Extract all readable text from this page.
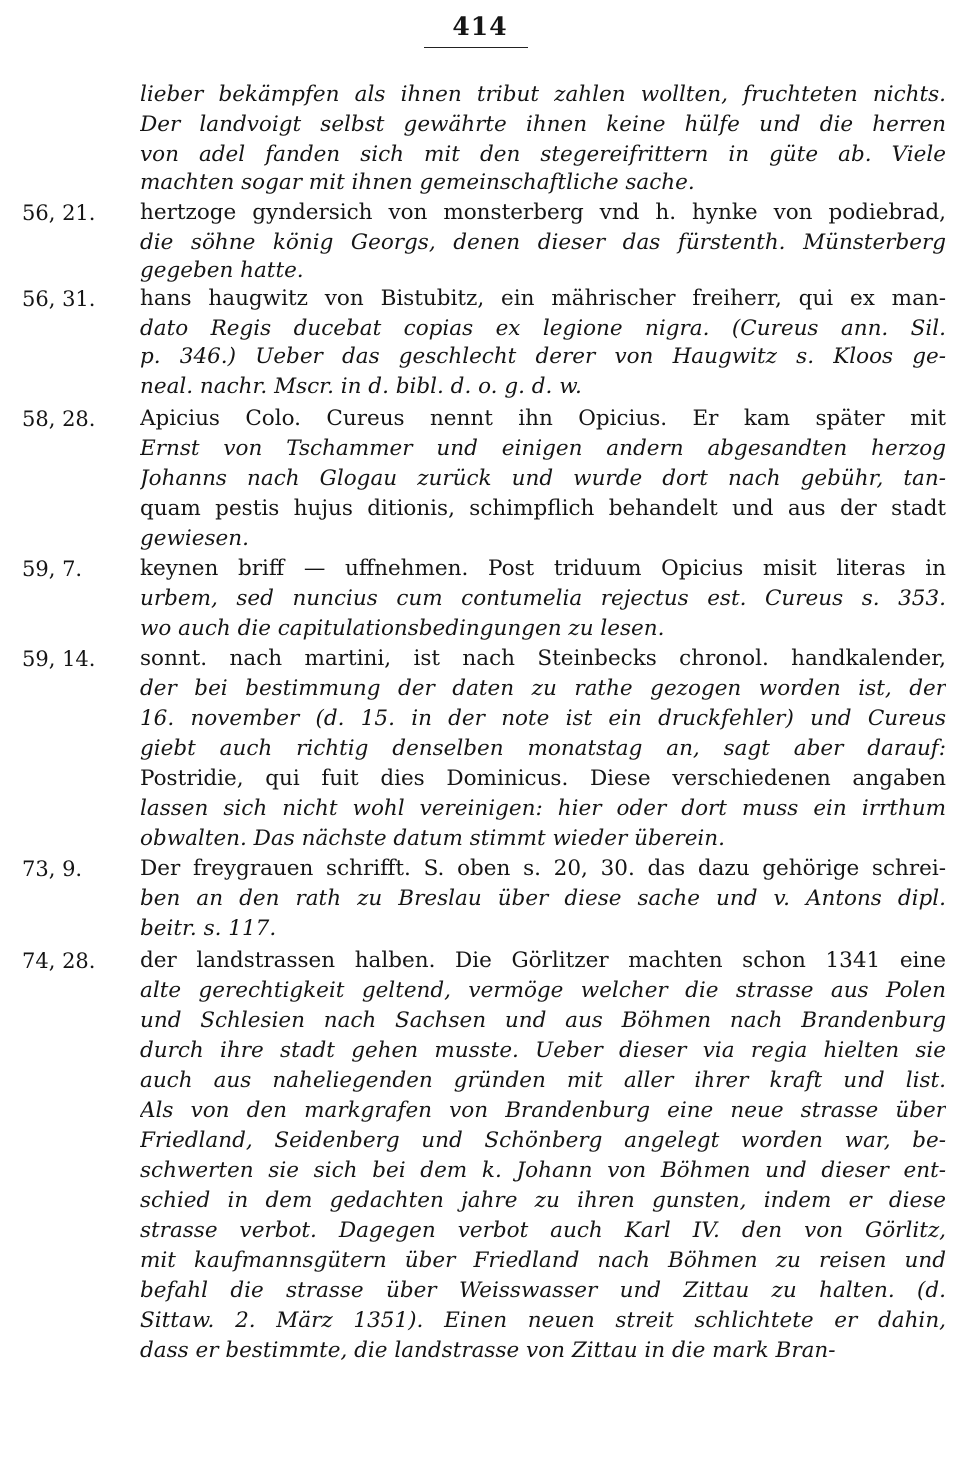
414
lieber bekämpfen als ihnen tribut zahlen wollten, fruchteten nichts.
Der landvoigt selbst gewährte ihnen keine hülfe und die herren
von adel fanden sich mit den stegereifrittern in güte ab. Viele
machten sogar mit ihnen gemeinschaftliche sache.
56, 21.	hertzoge gyndersich von monsterberg vnd h. hynke von podiebrad,
die söhne könig Georgs, denen dieser das fürstenth. Münsterberg
gegeben hatte.
56, 31.	hans haugwitz von Bistubitz, ein mährischer freiherr, qui ex man-
dato Regis ducebat copias ex legione nigra. (Cureus ann. Sil.
p. 346.) Ueber das geschlecht derer von Haugwitz s. Kloos ge-
neal. nachr. Mscr. in d. bibl. d. o. g. d. w.
58, 28.	Apicius Colo. Cureus nennt ihn Opicius. Er kam später mit
Ernst von Tschammer und einigen andern abgesandten herzog
Johanns nach Glogau zurück und wurde dort nach gebühr, tan-
quam pestis hujus ditionis, schimpflich behandelt und aus der stadt
gewiesen.
59, 7.	keynen briff — uffnehmen. Post triduum Opicius misit literas in
urbem, sed nuncius cum contumelia rejectus est. Cureus s. 353.
wo auch die capitulationsbedingungen zu lesen.
59, 14.	sonnt. nach martini, ist nach Steinbecks chronol. handkalender,
der bei bestimmung der daten zu rathe gezogen worden ist, der
16. november (d. 15. in der note ist ein druckfehler) und Cureus
giebt auch richtig denselben monatstag an, sagt aber darauf:
Postridie, qui fuit dies Dominicus. Diese verschiedenen angaben
lassen sich nicht wohl vereinigen: hier oder dort muss ein irrthum
obwalten. Das nächste datum stimmt wieder überein.
73, 9.	Der freygrauen schrifft. S. oben s. 20, 30. das dazu gehörige schrei-
ben an den rath zu Breslau über diese sache und v. Antons dipl.
beitr. s. 117.
74, 28.	der landstrassen halben. Die Görlitzer machten schon 1341 eine
alte gerechtigkeit geltend, vermöge welcher die strasse aus Polen
und Schlesien nach Sachsen und aus Böhmen nach Brandenburg
durch ihre stadt gehen musste. Ueber dieser via regia hielten sie
auch aus naheliegenden gründen mit aller ihrer kraft und list.
Als von den markgrafen von Brandenburg eine neue strasse über
Friedland, Seidenberg und Schönberg angelegt worden war, be-
schwerten sie sich bei dem k. Johann von Böhmen und dieser ent-
schied in dem gedachten jahre zu ihren gunsten, indem er diese
strasse verbot. Dagegen verbot auch Karl IV. den von Görlitz,
mit kaufmannsgütern über Friedland nach Böhmen zu reisen und
befahl die strasse über Weisswasser und Zittau zu halten. (d.
Sittaw. 2. März 1351). Einen neuen streit schlichtete er dahin,
dass er bestimmte, die landstrasse von Zittau in die mark Bran-
